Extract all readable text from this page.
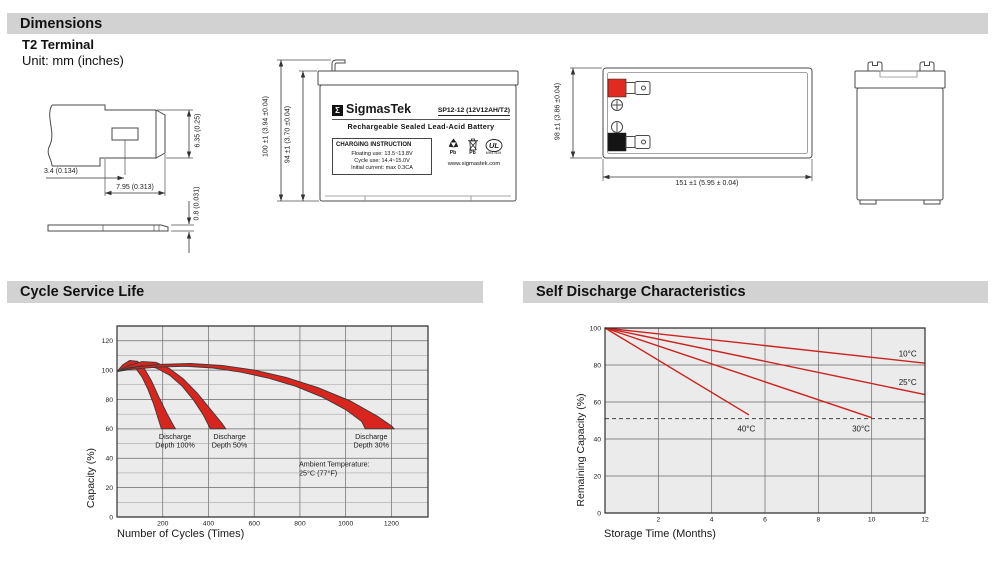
Dimensions
T2 Terminal
Unit: mm (inches)
3.4 (0.134)
7.95 (0.313)
6.35 (0.25)
0.8 (0.031)
100 ±1 (3.94 ±0.04) 94 ±1 (3.70 ±0.04)	Σ SigmasTek	SP12-12 (12V12AH/T2)
Rechargeable Sealed Lead-Acid Battery
CHARGING INSTRUCTION
Floating use: 13.5~13.8V
Cycle use: 14.4~15.0V
Initial current: max 0.3CA
Pb	Pb
UL
MH47929
www.sigmastek.com
151 ±1 (5.95 ± 0.04)
98 ±1 (3.86 ±0.04)
Cycle Service Life	Self Discharge Characteristics
200	400	600	800	1000	1200
0
20
40
60
80
100
120
Discharge
Depth 100%
Discharge
Depth 50%
Discharge
Depth 30%
Ambient Temperature:
25°C (77°F)
Capacity (%)
Number of Cycles (Times)
10°C
25°C
30°C
40°C
2	4	6	8	10	12
0
20
40
60
80
100
Remaining Capacity (%)
Storage Time (Months)
